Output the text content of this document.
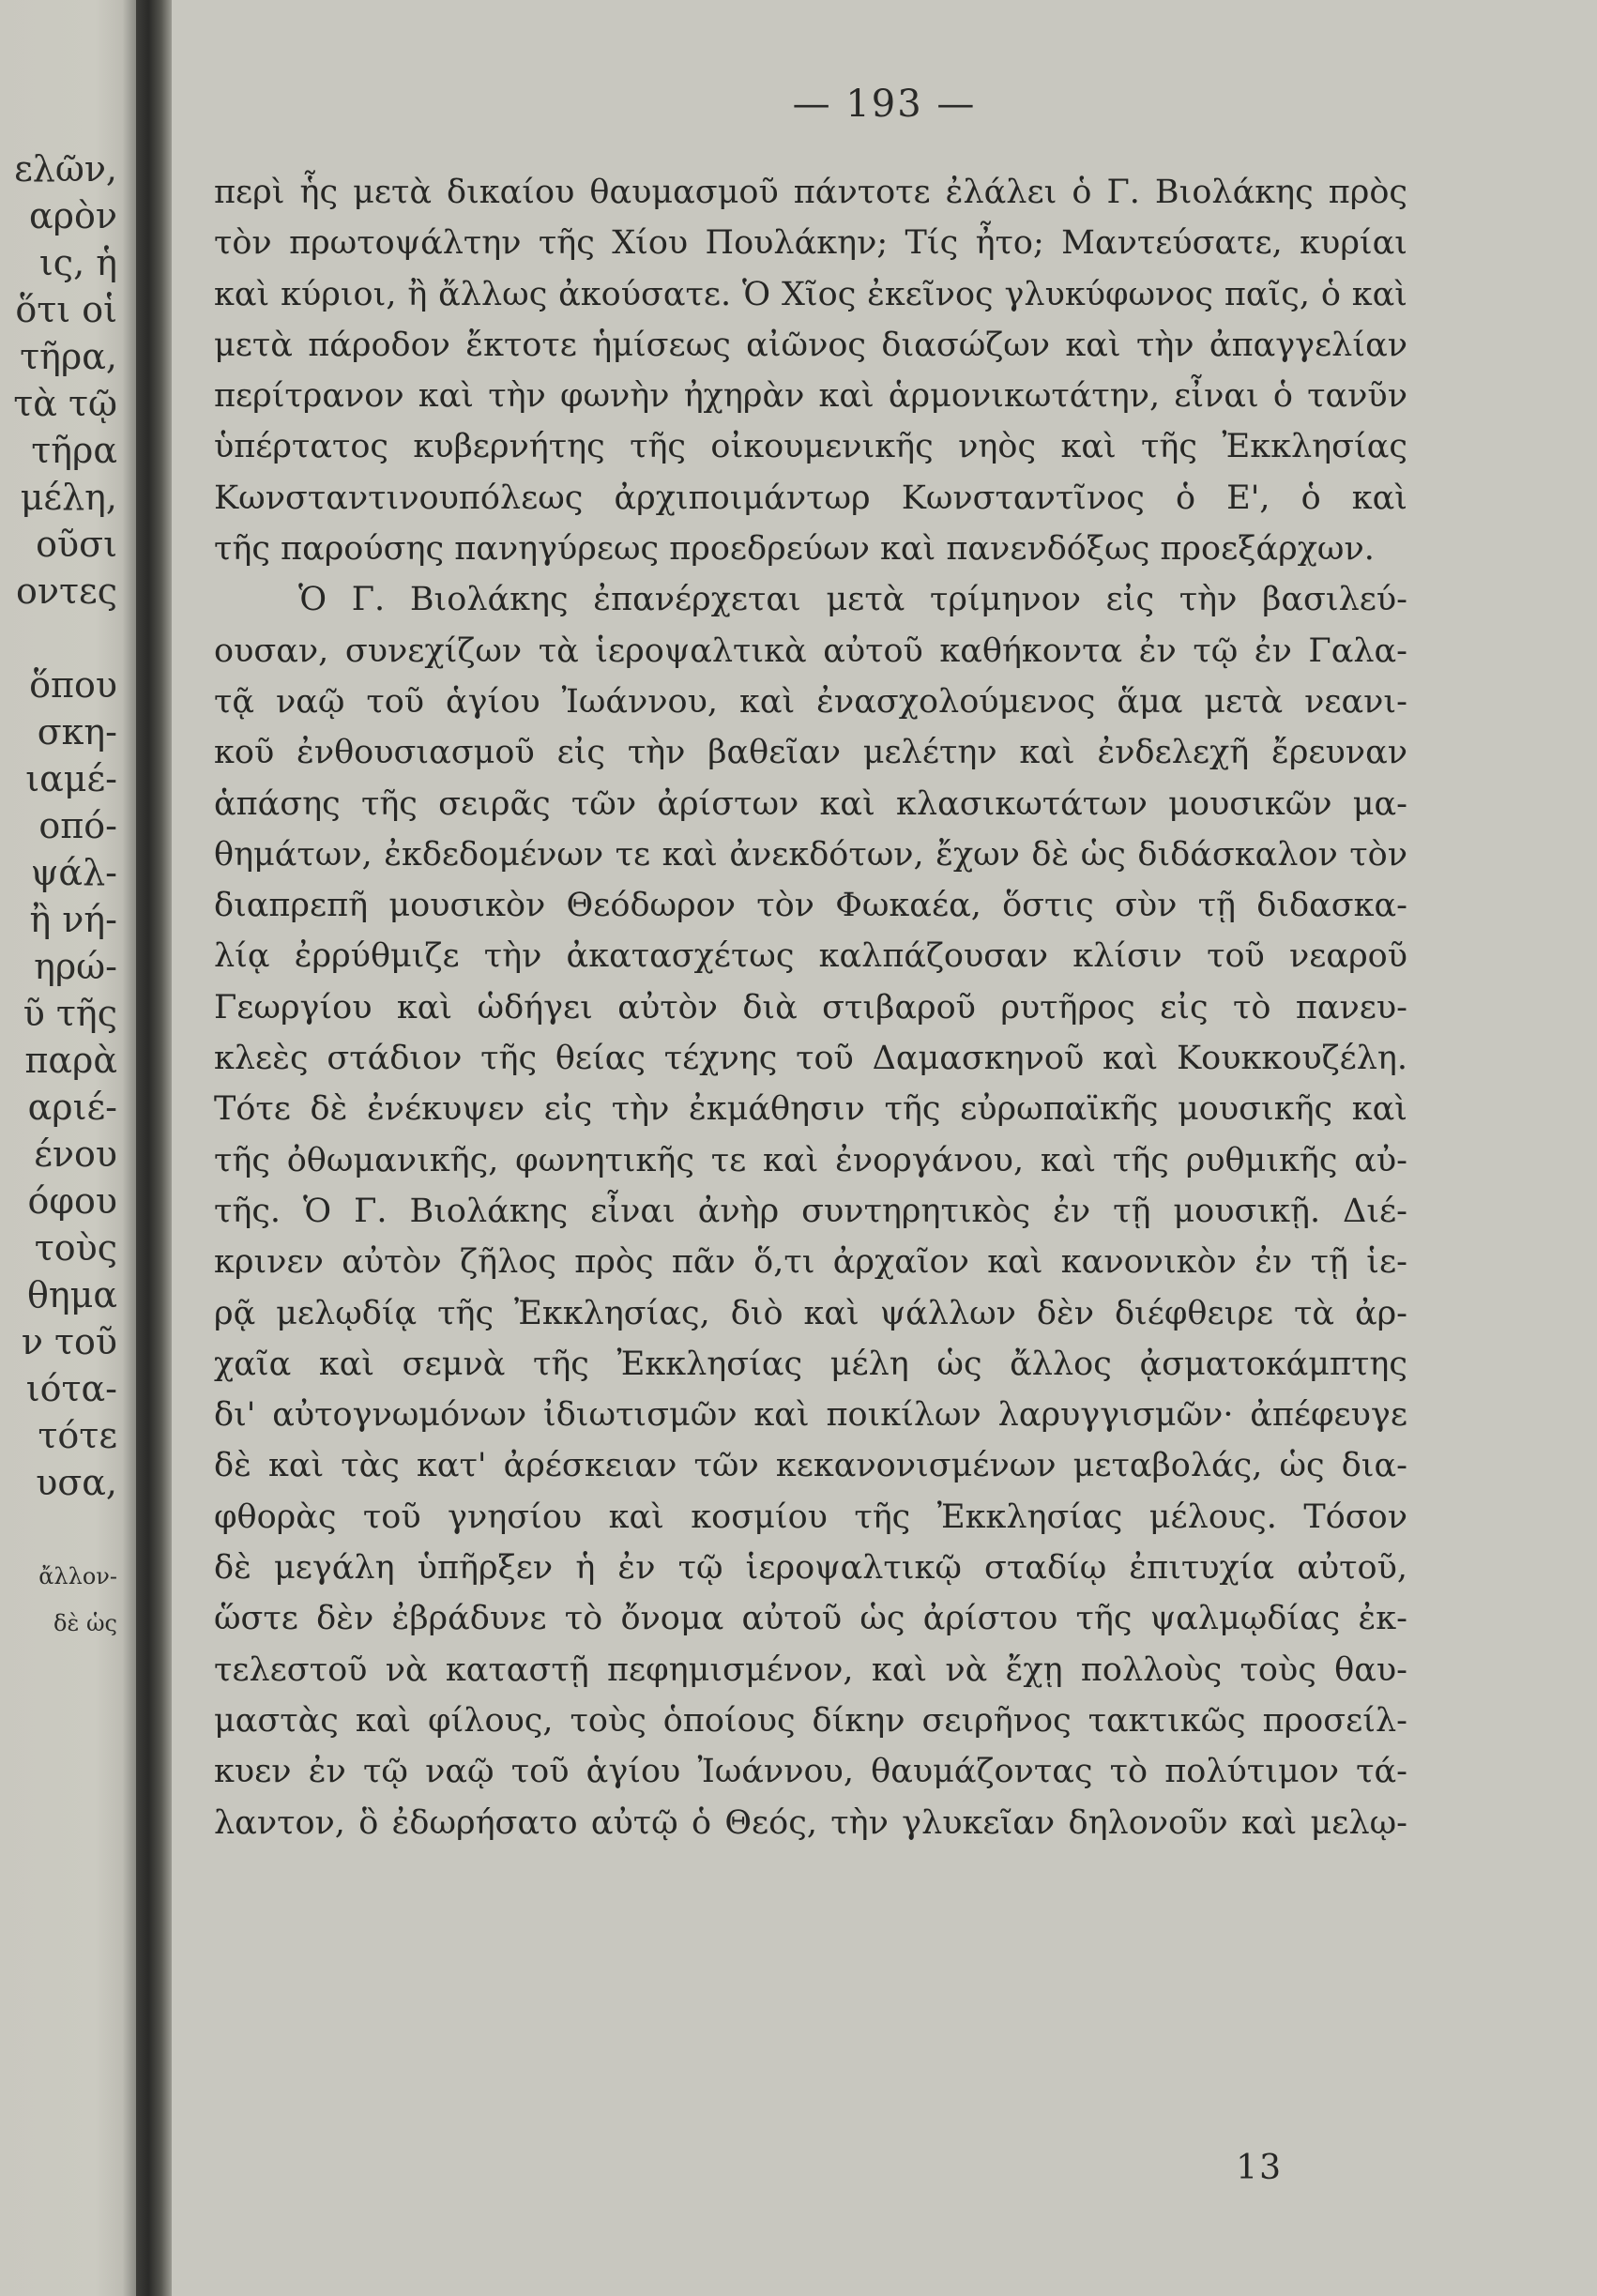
ελῶν,
αρὸν
ις, ἡ
ὅτι οἱ
τῆρα,
τὰ τῷ
τῆρα
μέλη,
οῦσι
οντες
ὅπου
σκη-
ιαμέ-
οπό-
ψάλ-
ἢ νή-
ηρώ-
ῦ τῆς
παρὰ
αριέ-
ένου
όφου
τοὺς
θημα
ν τοῦ
ιότα-
τότε
υσα,
ἄλλον-
δὲ ὡς
— 193 —
περὶ ἧς μετὰ δικαίου θαυμασμοῦ πάντοτε ἐλάλει ὁ Γ. Βιολάκης πρὸς
τὸν πρωτοψάλτην τῆς Χίου Πουλάκην; Τίς ἦτο; Μαντεύσατε, κυρίαι
καὶ κύριοι, ἢ ἄλλως ἀκούσατε. Ὁ Χῖος ἐκεῖνος γλυκύφωνος παῖς, ὁ καὶ
μετὰ πάροδον ἔκτοτε ἡμίσεως αἰῶνος διασώζων καὶ τὴν ἀπαγγελίαν
περίτρανον καὶ τὴν φωνὴν ἠχηρὰν καὶ ἁρμονικωτάτην, εἶναι ὁ τανῦν
ὑπέρτατος κυβερνήτης τῆς οἰκουμενικῆς νηὸς καὶ τῆς Ἐκκλησίας
Κωνσταντινουπόλεως ἀρχιποιμάντωρ Κωνσταντῖνος ὁ Ε', ὁ καὶ
τῆς παρούσης πανηγύρεως προεδρεύων καὶ πανενδόξως προεξάρχων.
Ὁ Γ. Βιολάκης ἐπανέρχεται μετὰ τρίμηνον εἰς τὴν βασιλεύ-
ουσαν, συνεχίζων τὰ ἱεροψαλτικὰ αὐτοῦ καθήκοντα ἐν τῷ ἐν Γαλα-
τᾷ ναῷ τοῦ ἁγίου Ἰωάννου, καὶ ἐνασχολούμενος ἅμα μετὰ νεανι-
κοῦ ἐνθουσιασμοῦ εἰς τὴν βαθεῖαν μελέτην καὶ ἐνδελεχῆ ἔρευναν
ἁπάσης τῆς σειρᾶς τῶν ἀρίστων καὶ κλασικωτάτων μουσικῶν μα-
θημάτων, ἐκδεδομένων τε καὶ ἀνεκδότων, ἔχων δὲ ὡς διδάσκαλον τὸν
διαπρεπῆ μουσικὸν Θεόδωρον τὸν Φωκαέα, ὅστις σὺν τῇ διδασκα-
λίᾳ ἐρρύθμιζε τὴν ἀκατασχέτως καλπάζουσαν κλίσιν τοῦ νεαροῦ
Γεωργίου καὶ ὡδήγει αὐτὸν διὰ στιβαροῦ ρυτῆρος εἰς τὸ πανευ-
κλεὲς στάδιον τῆς θείας τέχνης τοῦ Δαμασκηνοῦ καὶ Κουκκουζέλη.
Τότε δὲ ἐνέκυψεν εἰς τὴν ἐκμάθησιν τῆς εὐρωπαϊκῆς μουσικῆς καὶ
τῆς ὀθωμανικῆς, φωνητικῆς τε καὶ ἐνοργάνου, καὶ τῆς ρυθμικῆς αὐ-
τῆς. Ὁ Γ. Βιολάκης εἶναι ἀνὴρ συντηρητικὸς ἐν τῇ μουσικῇ. Διέ-
κρινεν αὐτὸν ζῆλος πρὸς πᾶν ὅ,τι ἀρχαῖον καὶ κανονικὸν ἐν τῇ ἱε-
ρᾷ μελῳδίᾳ τῆς Ἐκκλησίας, διὸ καὶ ψάλλων δὲν διέφθειρε τὰ ἀρ-
χαῖα καὶ σεμνὰ τῆς Ἐκκλησίας μέλη ὡς ἄλλος ᾀσματοκάμπτης
δι' αὐτογνωμόνων ἰδιωτισμῶν καὶ ποικίλων λαρυγγισμῶν· ἀπέφευγε
δὲ καὶ τὰς κατ' ἀρέσκειαν τῶν κεκανονισμένων μεταβολάς, ὡς δια-
φθορὰς τοῦ γνησίου καὶ κοσμίου τῆς Ἐκκλησίας μέλους. Τόσον
δὲ μεγάλη ὑπῆρξεν ἡ ἐν τῷ ἱεροψαλτικῷ σταδίῳ ἐπιτυχία αὐτοῦ,
ὥστε δὲν ἐβράδυνε τὸ ὄνομα αὐτοῦ ὡς ἀρίστου τῆς ψαλμῳδίας ἐκ-
τελεστοῦ νὰ καταστῇ πεφημισμένον, καὶ νὰ ἔχῃ πολλοὺς τοὺς θαυ-
μαστὰς καὶ φίλους, τοὺς ὁποίους δίκην σειρῆνος τακτικῶς προσείλ-
κυεν ἐν τῷ ναῷ τοῦ ἁγίου Ἰωάννου, θαυμάζοντας τὸ πολύτιμον τά-
λαντον, ὃ ἐδωρήσατο αὐτῷ ὁ Θεός, τὴν γλυκεῖαν δηλονοῦν καὶ μελῳ-
13
